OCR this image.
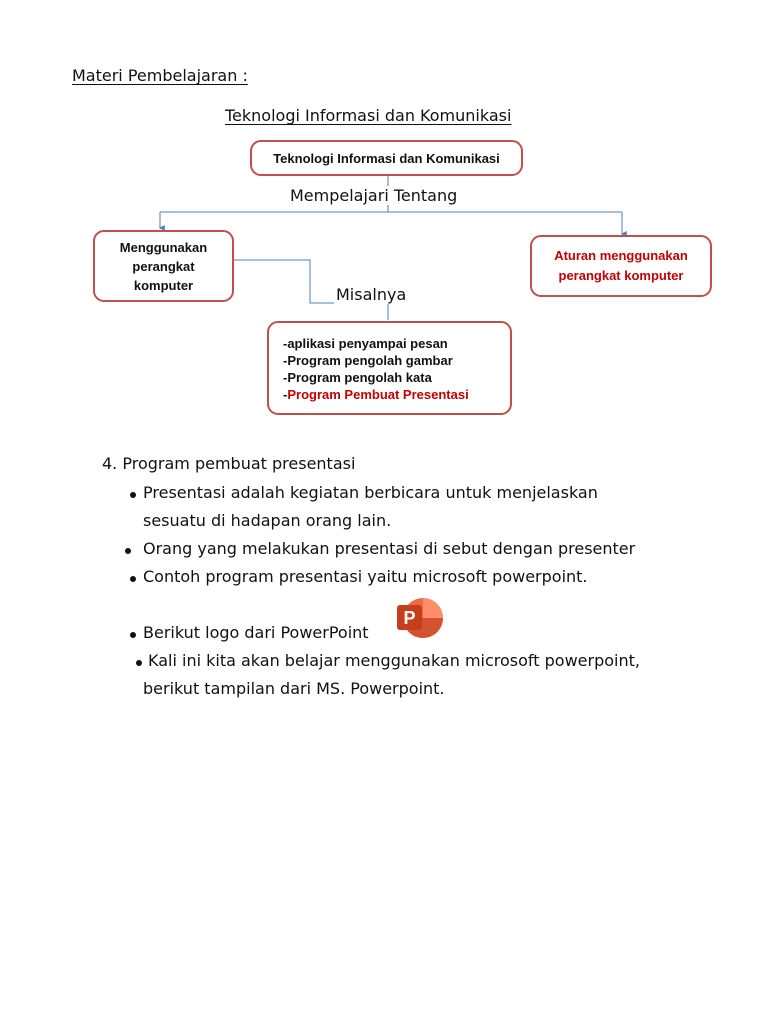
Materi Pembelajaran :
Teknologi Informasi dan Komunikasi
Teknologi Informasi dan Komunikasi
Mempelajari Tentang
Menggunakan
perangkat
komputer
Aturan menggunakan
perangkat komputer
Misalnya
-aplikasi penyampai pesan
-Program pengolah gambar
-Program pengolah kata
-Program Pembuat Presentasi
4. Program pembuat presentasi
Presentasi adalah kegiatan berbicara untuk menjelaskan
sesuatu di hadapan orang lain.
Orang yang melakukan presentasi di sebut dengan presenter
Contoh program presentasi yaitu microsoft powerpoint.
Berikut logo dari PowerPoint
P
Kali ini kita akan belajar menggunakan microsoft powerpoint,
berikut tampilan dari MS. Powerpoint.
